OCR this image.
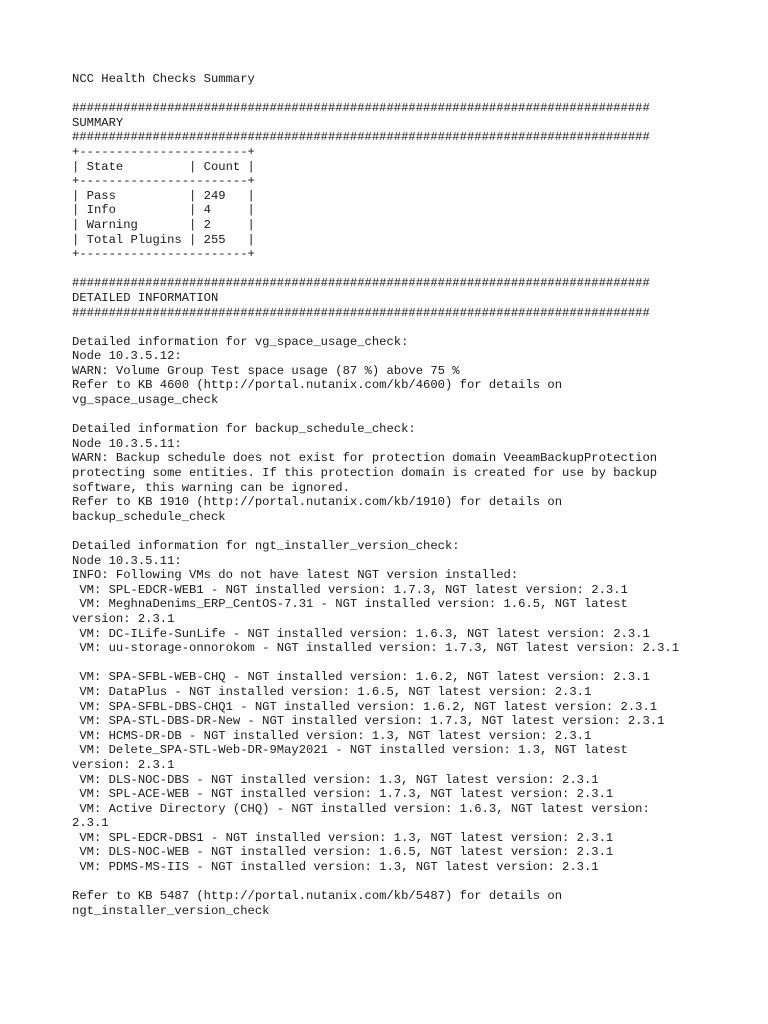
NCC Health Checks Summary
###############################################################################
SUMMARY
###############################################################################
+-----------------------+
| State         | Count |
+-----------------------+
| Pass          | 249   |
| Info          | 4     |
| Warning       | 2     |
| Total Plugins | 255   |
+-----------------------+
###############################################################################
DETAILED INFORMATION
###############################################################################
Detailed information for vg_space_usage_check:
Node 10.3.5.12:
WARN: Volume Group Test space usage (87 %) above 75 %
Refer to KB 4600 (http://portal.nutanix.com/kb/4600) for details on
vg_space_usage_check
Detailed information for backup_schedule_check:
Node 10.3.5.11:
WARN: Backup schedule does not exist for protection domain VeeamBackupProtection
protecting some entities. If this protection domain is created for use by backup
software, this warning can be ignored.
Refer to KB 1910 (http://portal.nutanix.com/kb/1910) for details on
backup_schedule_check
Detailed information for ngt_installer_version_check:
Node 10.3.5.11:
INFO: Following VMs do not have latest NGT version installed:
VM: SPL-EDCR-WEB1 - NGT installed version: 1.7.3, NGT latest version: 2.3.1
VM: MeghnaDenims_ERP_CentOS-7.31 - NGT installed version: 1.6.5, NGT latest
version: 2.3.1
VM: DC-ILife-SunLife - NGT installed version: 1.6.3, NGT latest version: 2.3.1
VM: uu-storage-onnorokom - NGT installed version: 1.7.3, NGT latest version: 2.3.1
VM: SPA-SFBL-WEB-CHQ - NGT installed version: 1.6.2, NGT latest version: 2.3.1
VM: DataPlus - NGT installed version: 1.6.5, NGT latest version: 2.3.1
VM: SPA-SFBL-DBS-CHQ1 - NGT installed version: 1.6.2, NGT latest version: 2.3.1
VM: SPA-STL-DBS-DR-New - NGT installed version: 1.7.3, NGT latest version: 2.3.1
VM: HCMS-DR-DB - NGT installed version: 1.3, NGT latest version: 2.3.1
VM: Delete_SPA-STL-Web-DR-9May2021 - NGT installed version: 1.3, NGT latest
version: 2.3.1
VM: DLS-NOC-DBS - NGT installed version: 1.3, NGT latest version: 2.3.1
VM: SPL-ACE-WEB - NGT installed version: 1.7.3, NGT latest version: 2.3.1
VM: Active Directory (CHQ) - NGT installed version: 1.6.3, NGT latest version:
2.3.1
VM: SPL-EDCR-DBS1 - NGT installed version: 1.3, NGT latest version: 2.3.1
VM: DLS-NOC-WEB - NGT installed version: 1.6.5, NGT latest version: 2.3.1
VM: PDMS-MS-IIS - NGT installed version: 1.3, NGT latest version: 2.3.1
Refer to KB 5487 (http://portal.nutanix.com/kb/5487) for details on
ngt_installer_version_check
